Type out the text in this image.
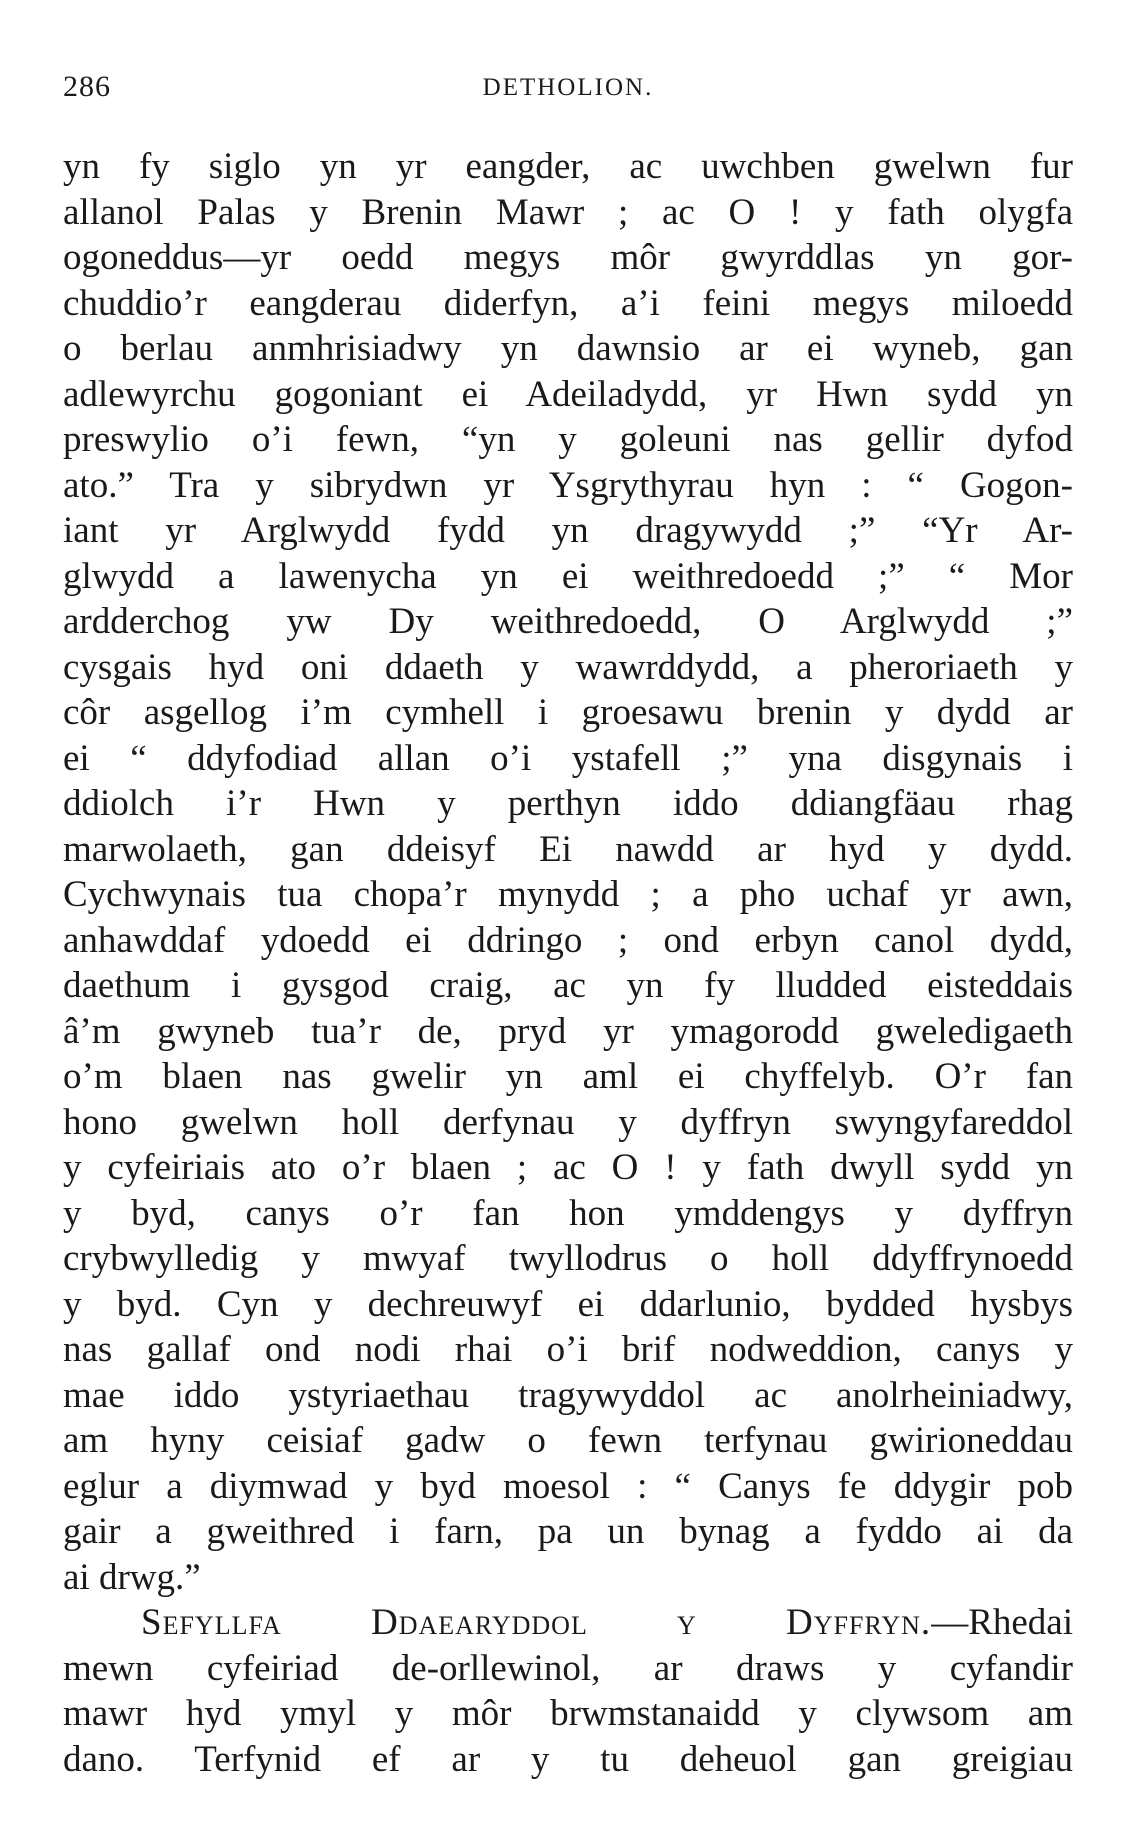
286	DETHOLION.
yn fy siglo yn yr eangder, ac uwchben gwelwn fur
allanol Palas y Brenin Mawr ; ac O ! y fath olygfa
ogoneddus—yr oedd megys môr gwyrddlas yn gor-
chuddio’r eangderau diderfyn, a’i feini megys miloedd
o berlau anmhrisiadwy yn dawnsio ar ei wyneb, gan
adlewyrchu gogoniant ei Adeiladydd, yr Hwn sydd yn
preswylio o’i fewn, “yn y goleuni nas gellir dyfod
ato.” Tra y sibrydwn yr Ysgrythyrau hyn : “ Gogon-
iant yr Arglwydd fydd yn dragywydd ;” “Yr Ar-
glwydd a lawenycha yn ei weithredoedd ;” “ Mor
ardderchog yw Dy weithredoedd, O Arglwydd ;”
cysgais hyd oni ddaeth y wawrddydd, a pheroriaeth y
côr asgellog i’m cymhell i groesawu brenin y dydd ar
ei “ ddyfodiad allan o’i ystafell ;” yna disgynais i
ddiolch i’r Hwn y perthyn iddo ddiangfäau rhag
marwolaeth, gan ddeisyf Ei nawdd ar hyd y dydd.
Cychwynais tua chopa’r mynydd ; a pho uchaf yr awn,
anhawddaf ydoedd ei ddringo ; ond erbyn canol dydd,
daethum i gysgod craig, ac yn fy lludded eisteddais
â’m gwyneb tua’r de, pryd yr ymagorodd gweledigaeth
o’m blaen nas gwelir yn aml ei chyffelyb. O’r fan
hono gwelwn holl derfynau y dyffryn swyngyfareddol
y cyfeiriais ato o’r blaen ; ac O ! y fath dwyll sydd yn
y byd, canys o’r fan hon ymddengys y dyffryn
crybwylledig y mwyaf twyllodrus o holl ddyffrynoedd
y byd. Cyn y dechreuwyf ei ddarlunio, bydded hysbys
nas gallaf ond nodi rhai o’i brif nodweddion, canys y
mae iddo ystyriaethau tragywyddol ac anolrheiniadwy,
am hyny ceisiaf gadw o fewn terfynau gwirioneddau
eglur a diymwad y byd moesol : “ Canys fe ddygir pob
gair a gweithred i farn, pa un bynag a fyddo ai da
ai drwg.”
Sefyllfa Ddaearyddol y Dyffryn.—Rhedai
mewn cyfeiriad de-orllewinol, ar draws y cyfandir
mawr hyd ymyl y môr brwmstanaidd y clywsom am
dano. Terfynid ef ar y tu deheuol gan greigiau
